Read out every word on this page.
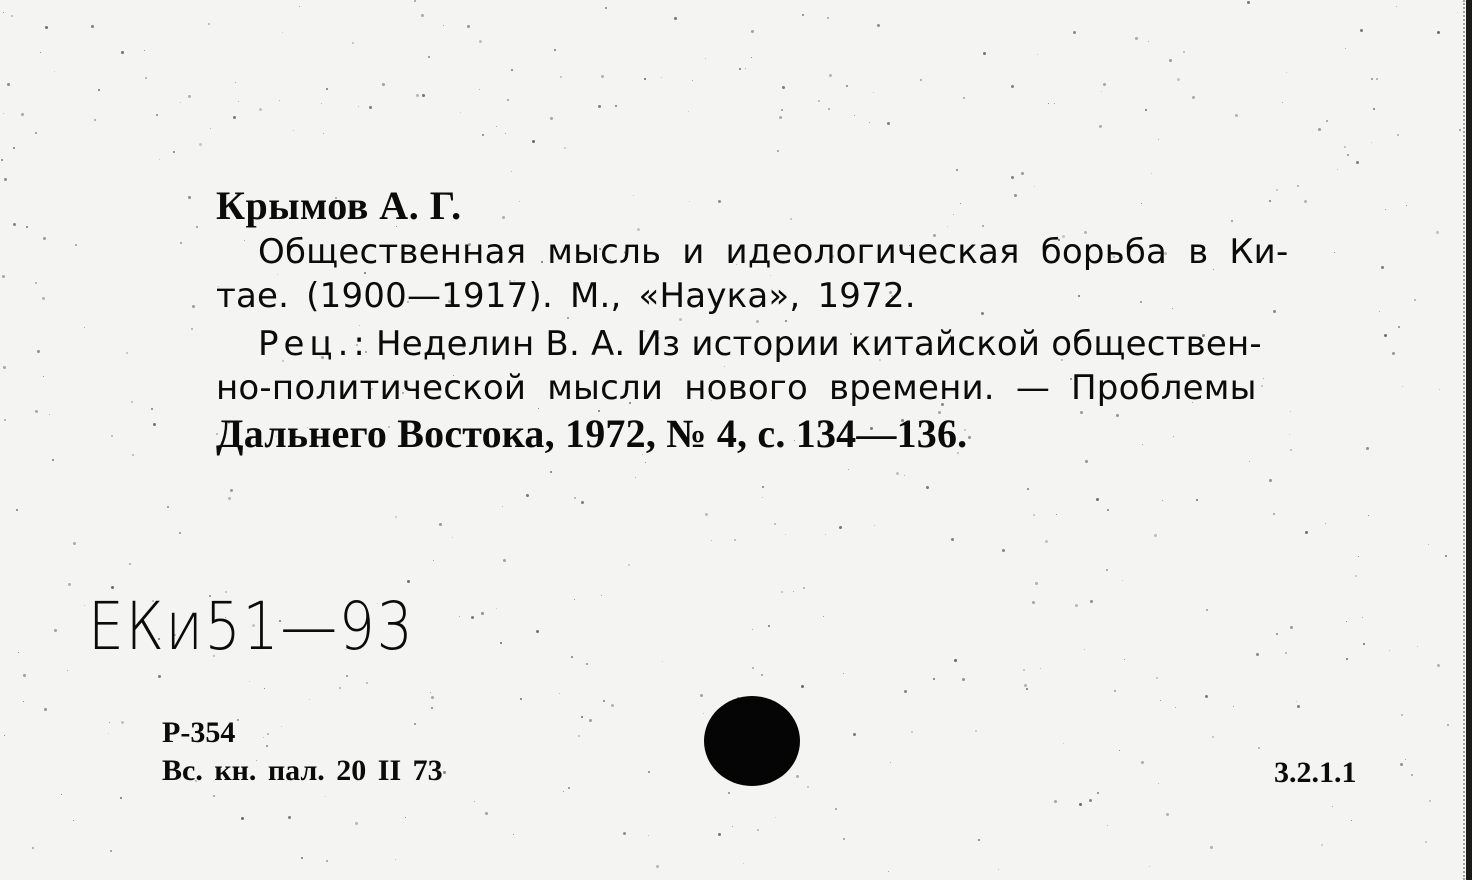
Крымов А. Г.
Общественная мысль и идеологическая борьба в Ки-
тае. (1900—1917). М., «Наука», 1972.
Рец.: Неделин В. А. Из истории китайской обществен-
но-политической мысли нового времени. — Проблемы
Дальнего Востока, 1972, № 4, с. 134—136.
ЕКи51—93
Р-354
Вс. кн. пал. 20 II 73	3.2.1.1
